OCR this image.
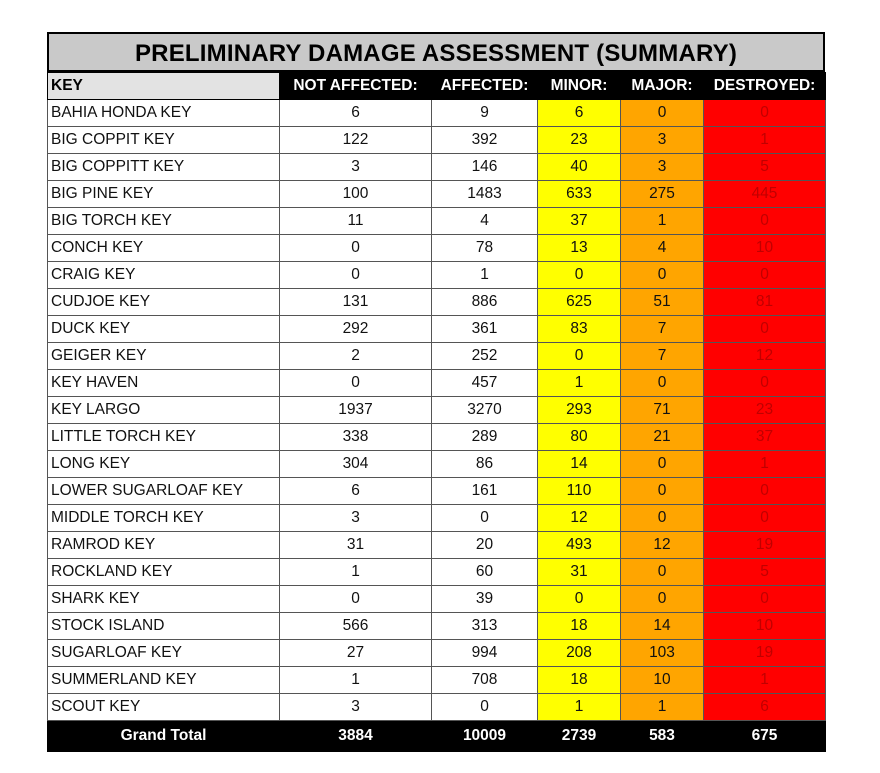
PRELIMINARY DAMAGE ASSESSMENT (SUMMARY)
KEY	NOT AFFECTED:	AFFECTED:	MINOR:	MAJOR:	DESTROYED:
BAHIA HONDA KEY	6	9	6	0	0
BIG COPPIT KEY	122	392	23	3	1
BIG COPPITT KEY	3	146	40	3	5
BIG PINE KEY	100	1483	633	275	445
BIG TORCH KEY	11	4	37	1	0
CONCH KEY	0	78	13	4	10
CRAIG KEY	0	1	0	0	0
CUDJOE KEY	131	886	625	51	81
DUCK KEY	292	361	83	7	0
GEIGER KEY	2	252	0	7	12
KEY HAVEN	0	457	1	0	0
KEY LARGO	1937	3270	293	71	23
LITTLE TORCH KEY	338	289	80	21	37
LONG KEY	304	86	14	0	1
LOWER SUGARLOAF KEY	6	161	110	0	0
MIDDLE TORCH KEY	3	0	12	0	0
RAMROD KEY	31	20	493	12	19
ROCKLAND KEY	1	60	31	0	5
SHARK KEY	0	39	0	0	0
STOCK ISLAND	566	313	18	14	10
SUGARLOAF KEY	27	994	208	103	19
SUMMERLAND KEY	1	708	18	10	1
SCOUT KEY	3	0	1	1	6
Grand Total	3884	10009	2739	583	675
